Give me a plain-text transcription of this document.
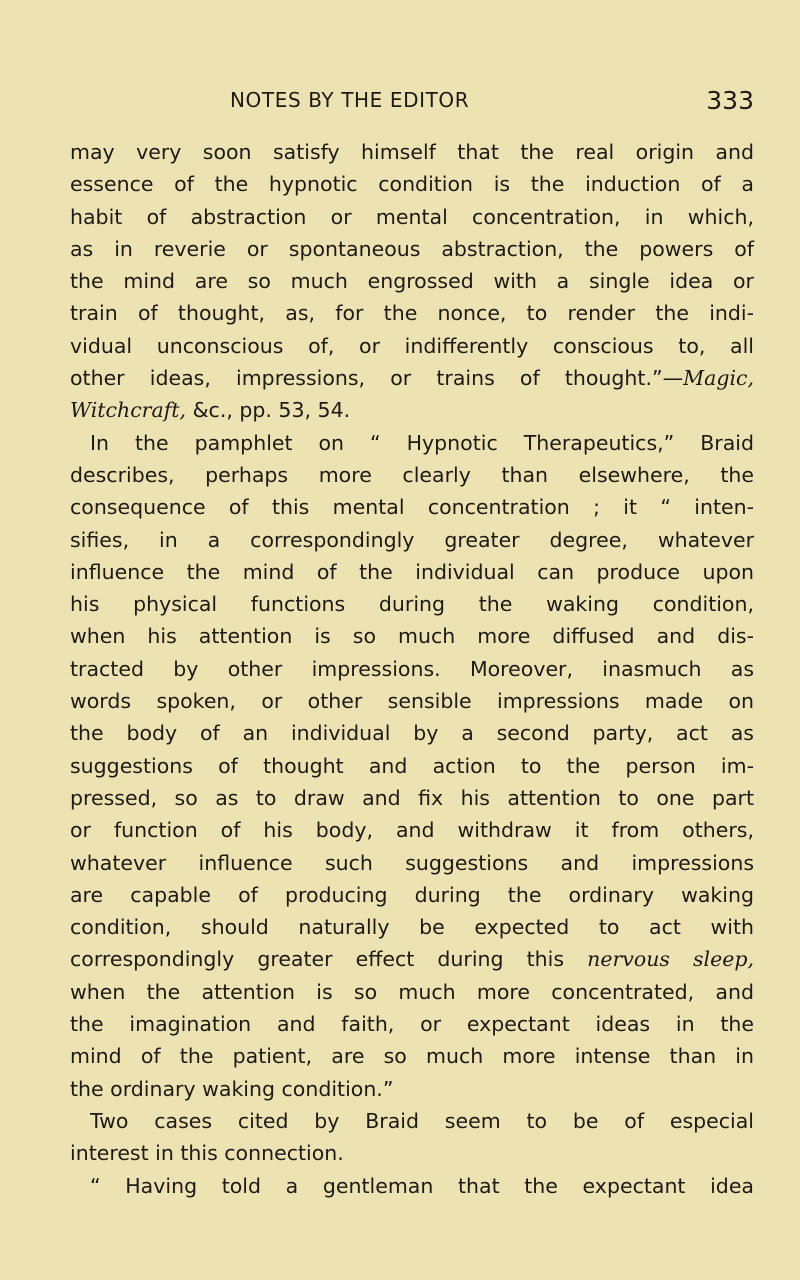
NOTES BY THE EDITOR	333
may very soon satisfy himself that the real origin and
essence of the hypnotic condition is the induction of a
habit of abstraction or mental concentration, in which,
as in reverie or spontaneous abstraction, the powers of
the mind are so much engrossed with a single idea or
train of thought, as, for the nonce, to render the indi-
vidual unconscious of, or indifferently conscious to, all
other ideas, impressions, or trains of thought.”—Magic,
Witchcraft, &c., pp. 53, 54.
In the pamphlet on “ Hypnotic Therapeutics,” Braid
describes, perhaps more clearly than elsewhere, the
consequence of this mental concentration ; it “ inten-
sifies, in a correspondingly greater degree, whatever
influence the mind of the individual can produce upon
his physical functions during the waking condition,
when his attention is so much more diffused and dis-
tracted by other impressions. Moreover, inasmuch as
words spoken, or other sensible impressions made on
the body of an individual by a second party, act as
suggestions of thought and action to the person im-
pressed, so as to draw and fix his attention to one part
or function of his body, and withdraw it from others,
whatever influence such suggestions and impressions
are capable of producing during the ordinary waking
condition, should naturally be expected to act with
correspondingly greater effect during this nervous sleep,
when the attention is so much more concentrated, and
the imagination and faith, or expectant ideas in the
mind of the patient, are so much more intense than in
the ordinary waking condition.”
Two cases cited by Braid seem to be of especial
interest in this connection.
“ Having told a gentleman that the expectant idea
